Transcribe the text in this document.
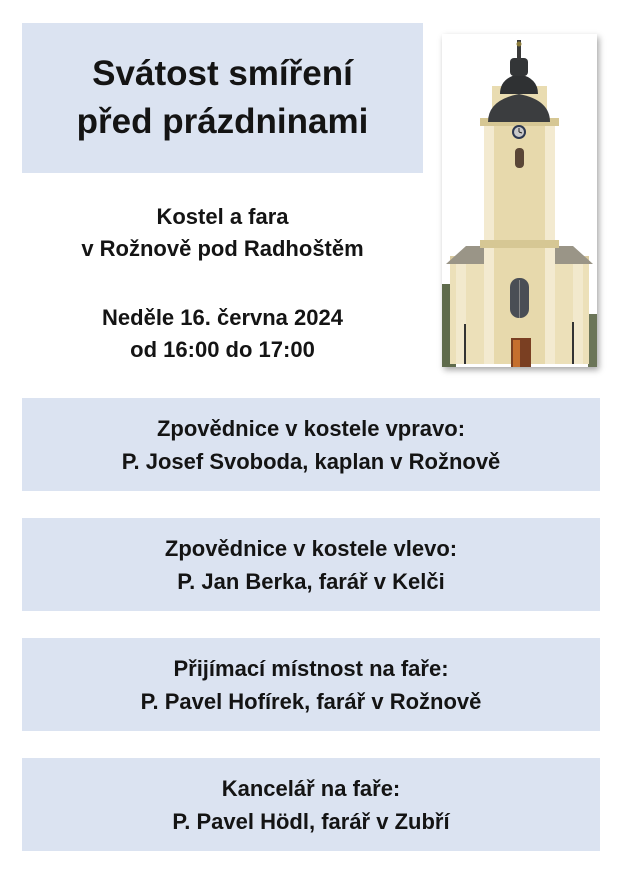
Svátost smíření
před prázdninami
Kostel a fara
v Rožnově pod Radhoštěm
Neděle 16. června 2024
od 16:00 do 17:00
Zpovědnice v kostele vpravo:
P. Josef Svoboda, kaplan v Rožnově
Zpovědnice v kostele vlevo:
P. Jan Berka, farář v Kelči
Přijímací místnost na faře:
P. Pavel Hofírek, farář v Rožnově
Kancelář na faře:
P. Pavel Hödl, farář v Zubří
